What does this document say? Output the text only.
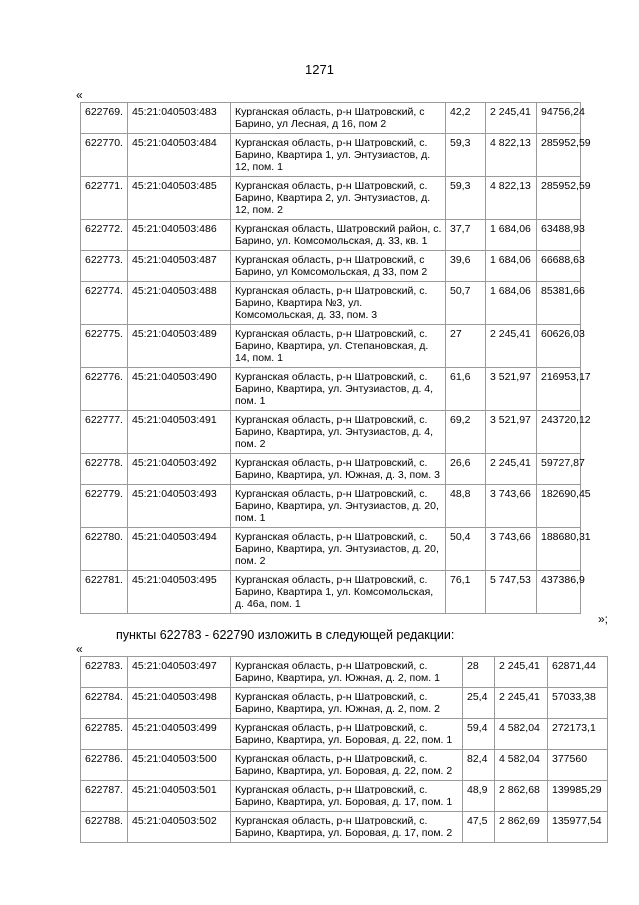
1271
«
622769.	45:21:040503:483	Курганская область, р-н Шатровский, с Барино, ул Лесная, д 16, пом 2	42,2	2 245,41	94756,24
622770.	45:21:040503:484	Курганская область, р-н Шатровский, с. Барино, Квартира 1, ул. Энтузиастов, д. 12, пом. 1	59,3	4 822,13	285952,59
622771.	45:21:040503:485	Курганская область, р-н Шатровский, с. Барино, Квартира 2, ул. Энтузиастов, д. 12, пом. 2	59,3	4 822,13	285952,59
622772.	45:21:040503:486	Курганская область, Шатровский район, с. Барино, ул. Комсомольская, д. 33, кв. 1	37,7	1 684,06	63488,93
622773.	45:21:040503:487	Курганская область, р-н Шатровский, с Барино, ул Комсомольская, д 33, пом 2	39,6	1 684,06	66688,63
622774.	45:21:040503:488	Курганская область, р-н Шатровский, с. Барино, Квартира №3, ул. Комсомольская, д. 33, пом. 3	50,7	1 684,06	85381,66
622775.	45:21:040503:489	Курганская область, р-н Шатровский, с. Барино, Квартира, ул. Степановская, д. 14, пом. 1	27	2 245,41	60626,03
622776.	45:21:040503:490	Курганская область, р-н Шатровский, с. Барино, Квартира, ул. Энтузиастов, д. 4, пом. 1	61,6	3 521,97	216953,17
622777.	45:21:040503:491	Курганская область, р-н Шатровский, с. Барино, Квартира, ул. Энтузиастов, д. 4, пом. 2	69,2	3 521,97	243720,12
622778.	45:21:040503:492	Курганская область, р-н Шатровский, с. Барино, Квартира, ул. Южная, д. 3, пом. 3	26,6	2 245,41	59727,87
622779.	45:21:040503:493	Курганская область, р-н Шатровский, с. Барино, Квартира, ул. Энтузиастов, д. 20, пом. 1	48,8	3 743,66	182690,45
622780.	45:21:040503:494	Курганская область, р-н Шатровский, с. Барино, Квартира, ул. Энтузиастов, д. 20, пом. 2	50,4	3 743,66	188680,31
622781.	45:21:040503:495	Курганская область, р-н Шатровский, с. Барино, Квартира 1, ул. Комсомольская, д. 46а, пом. 1	76,1	5 747,53	437386,9
»;
пункты 622783 - 622790 изложить в следующей редакции:
«
622783.	45:21:040503:497	Курганская область, р-н Шатровский, с. Барино, Квартира, ул. Южная, д. 2, пом. 1	28	2 245,41	62871,44
622784.	45:21:040503:498	Курганская область, р-н Шатровский, с. Барино, Квартира, ул. Южная, д. 2, пом. 2	25,4	2 245,41	57033,38
622785.	45:21:040503:499	Курганская область, р-н Шатровский, с. Барино, Квартира, ул. Боровая, д. 22, пом. 1	59,4	4 582,04	272173,1
622786.	45:21:040503:500	Курганская область, р-н Шатровский, с. Барино, Квартира, ул. Боровая, д. 22, пом. 2	82,4	4 582,04	377560
622787.	45:21:040503:501	Курганская область, р-н Шатровский, с. Барино, Квартира, ул. Боровая, д. 17, пом. 1	48,9	2 862,68	139985,29
622788.	45:21:040503:502	Курганская область, р-н Шатровский, с. Барино, Квартира, ул. Боровая, д. 17, пом. 2	47,5	2 862,69	135977,54
